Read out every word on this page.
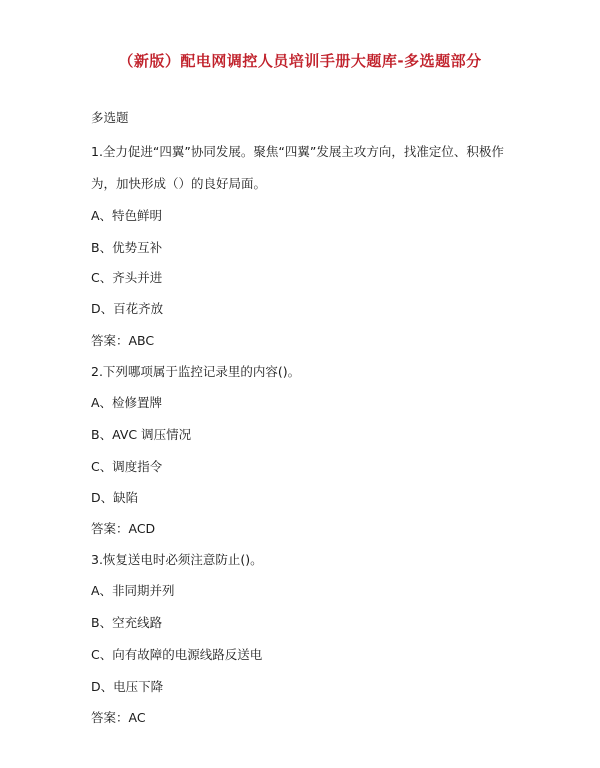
（新版）配电网调控人员培训手册大题库-多选题部分
多选题
1.全力促进“四翼”协同发展。聚焦“四翼”发展主攻方向，找准定位、积极作
为，加快形成（）的良好局面。
A、特色鲜明
B、优势互补
C、齐头并进
D、百花齐放
答案：ABC
2.下列哪项属于监控记录里的内容()。
A、检修置牌
B、AVC 调压情况
C、调度指令
D、缺陷
答案：ACD
3.恢复送电时必须注意防止()。
A、非同期并列
B、空充线路
C、向有故障的电源线路反送电
D、电压下降
答案：AC
